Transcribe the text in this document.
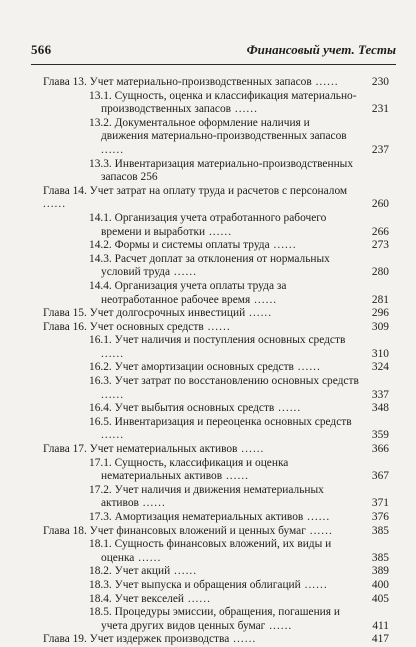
566	Финансовый учет. Тесты
Глава 13. Учет материально-производственных запасов ......	230
13.1. Сущность, оценка и классификация материально-производственных запасов ......	231
13.2. Документальное оформление наличия и движения материально-производственных запасов ......	237
13.3. Инвентаризация материально-производственных запасов 256
Глава 14. Учет затрат на оплату труда и расчетов с персоналом ......	260
14.1. Организация учета отработанного рабочего времени и выработки ......	266
14.2. Формы и системы оплаты труда ......	273
14.3. Расчет доплат за отклонения от нормальных условий труда ......	280
14.4. Организация учета оплаты труда за неотработанное рабочее время ......	281
Глава 15. Учет долгосрочных инвестиций ......	296
Глава 16. Учет основных средств ......	309
16.1. Учет наличия и поступления основных средств ......	310
16.2. Учет амортизации основных средств ......	324
16.3. Учет затрат по восстановлению основных средств ......	337
16.4. Учет выбытия основных средств ......	348
16.5. Инвентаризация и переоценка основных средств ......	359
Глава 17. Учет нематериальных активов ......	366
17.1. Сущность, классификация и оценка нематериальных активов ......	367
17.2. Учет наличия и движения нематериальных активов ......	371
17.3. Амортизация нематериальных активов ......	376
Глава 18. Учет финансовых вложений и ценных бумаг ......	385
18.1. Сущность финансовых вложений, их виды и оценка ......	385
18.2. Учет акций ......	389
18.3. Учет выпуска и обращения облигаций ......	400
18.4. Учет векселей ......	405
18.5. Процедуры эмиссии, обращения, погашения и учета других видов ценных бумаг ......	411
Глава 19. Учет издержек производства ......	417
